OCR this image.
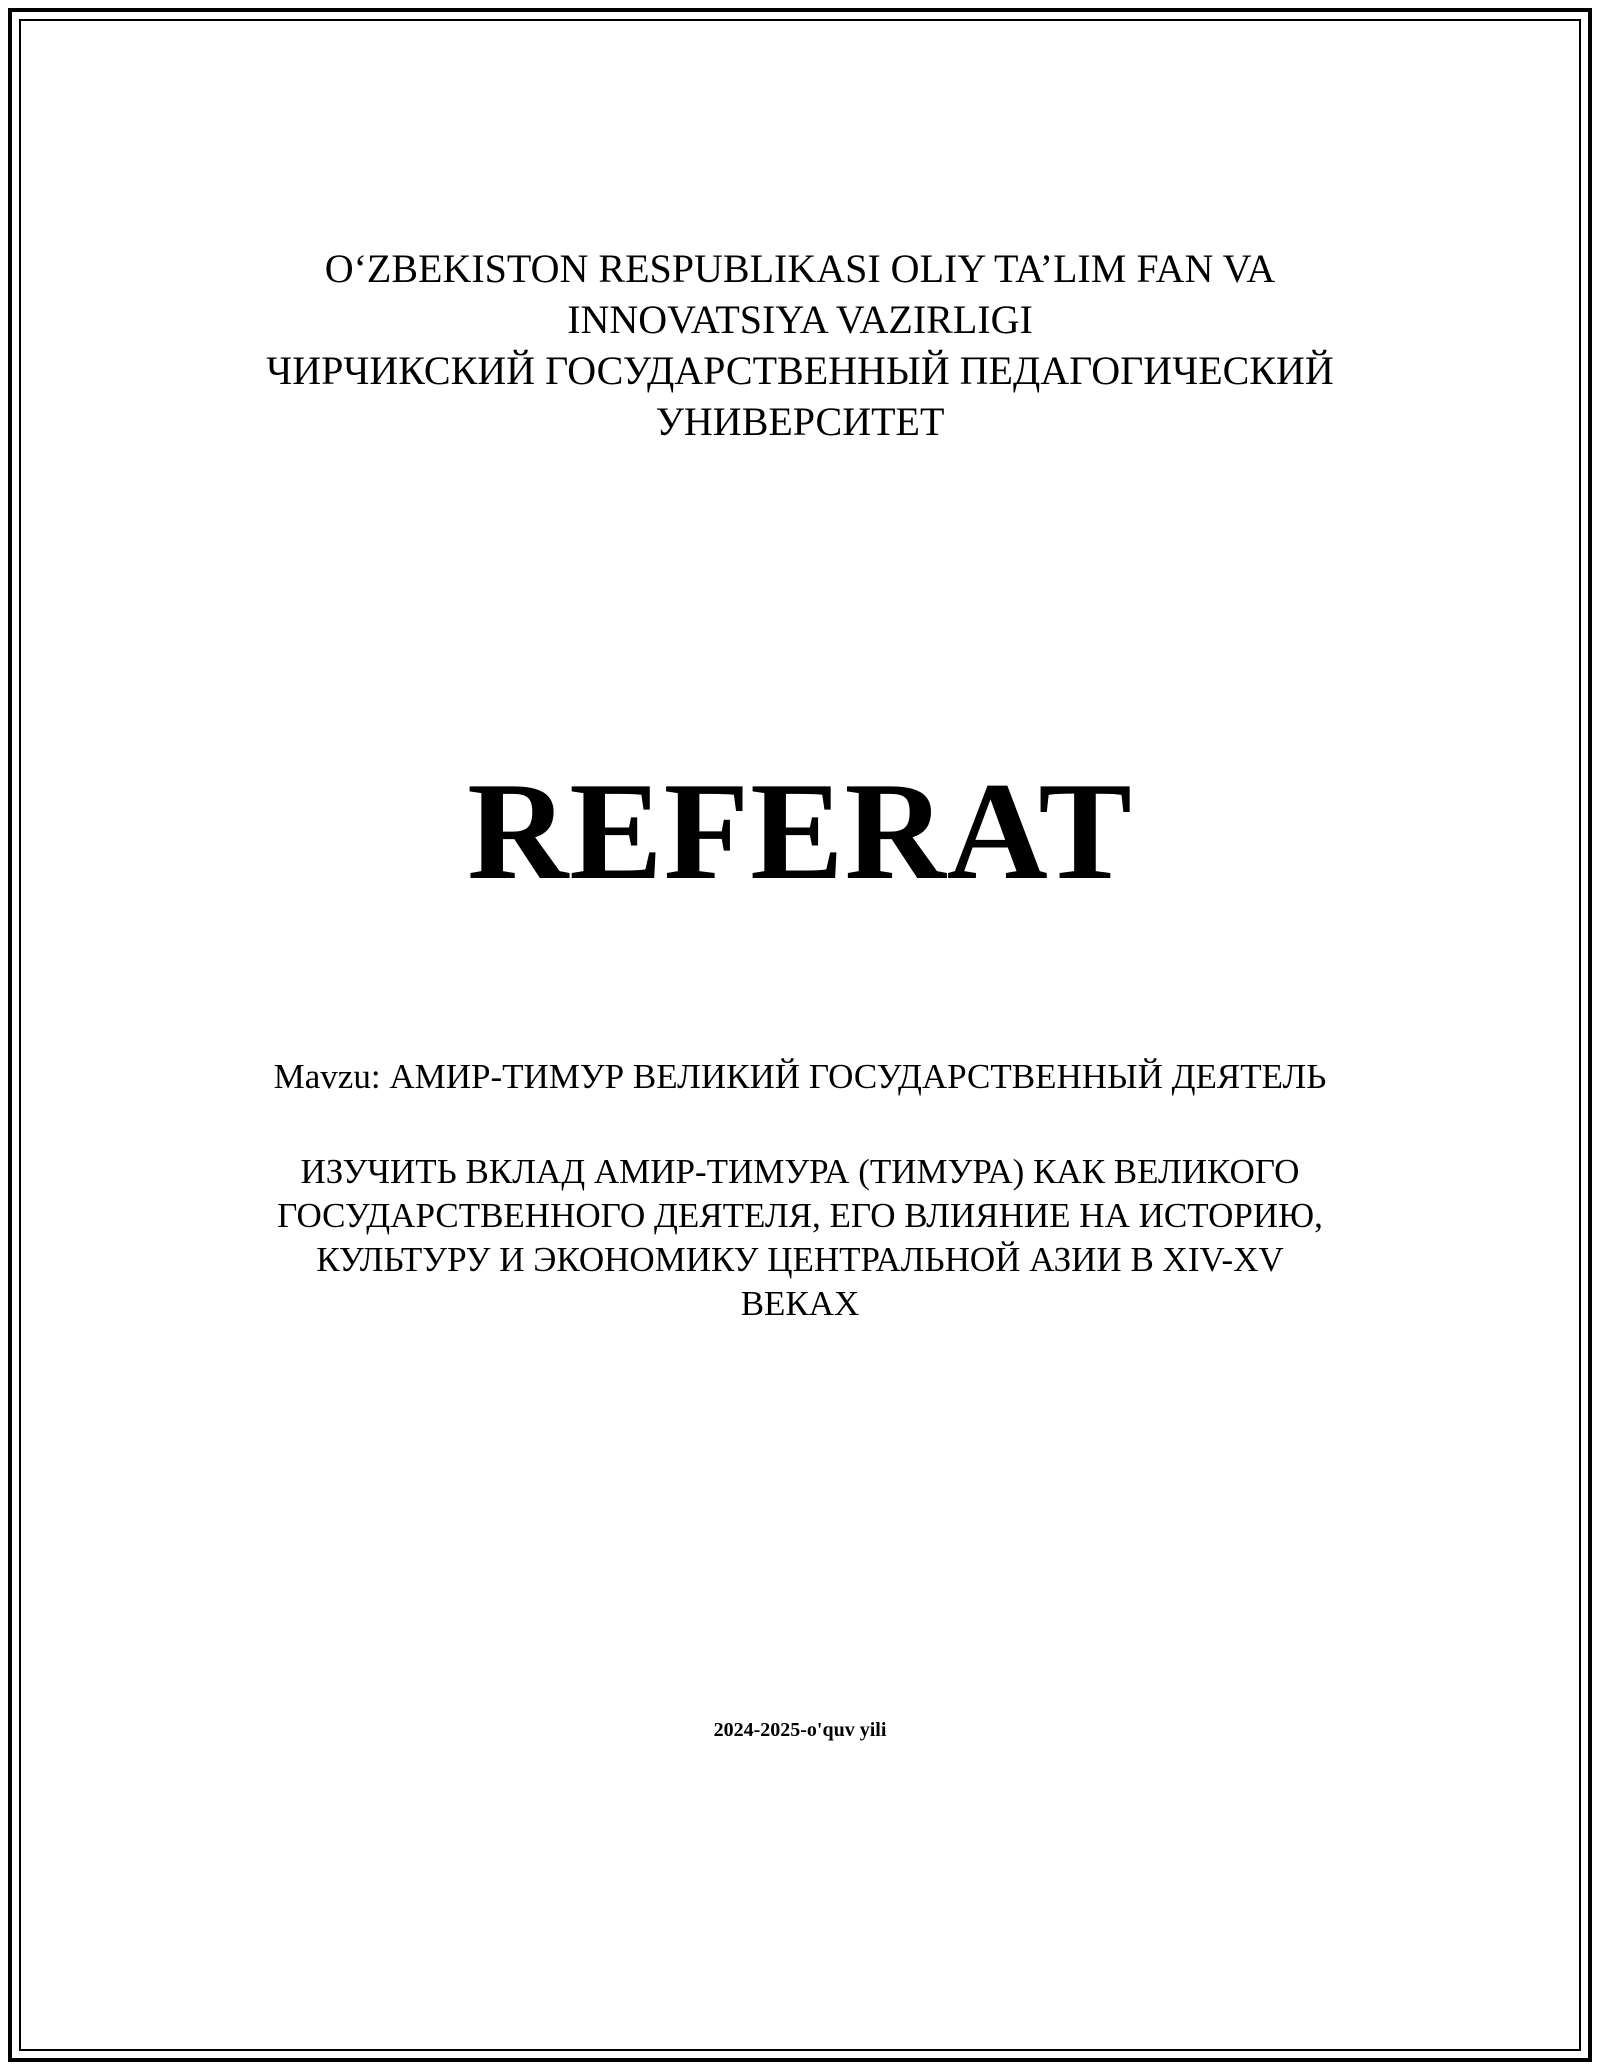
O‘ZBEKISTON RESPUBLIKASI OLIY TA’LIM FAN VA
INNOVATSIYA VAZIRLIGI
ЧИРЧИКСКИЙ ГОСУДАРСТВЕННЫЙ ПЕДАГОГИЧЕСКИЙ
УНИВЕРСИТЕТ
REFERAT
Mavzu: АМИР-ТИМУР ВЕЛИКИЙ ГОСУДАРСТВЕННЫЙ ДЕЯТЕЛЬ
ИЗУЧИТЬ ВКЛАД АМИР-ТИМУРА (ТИМУРА) КАК ВЕЛИКОГО
ГОСУДАРСТВЕННОГО ДЕЯТЕЛЯ, ЕГО ВЛИЯНИЕ НА ИСТОРИЮ,
КУЛЬТУРУ И ЭКОНОМИКУ ЦЕНТРАЛЬНОЙ АЗИИ В XIV-XV
ВЕКАХ
2024-2025-o'quv yili
